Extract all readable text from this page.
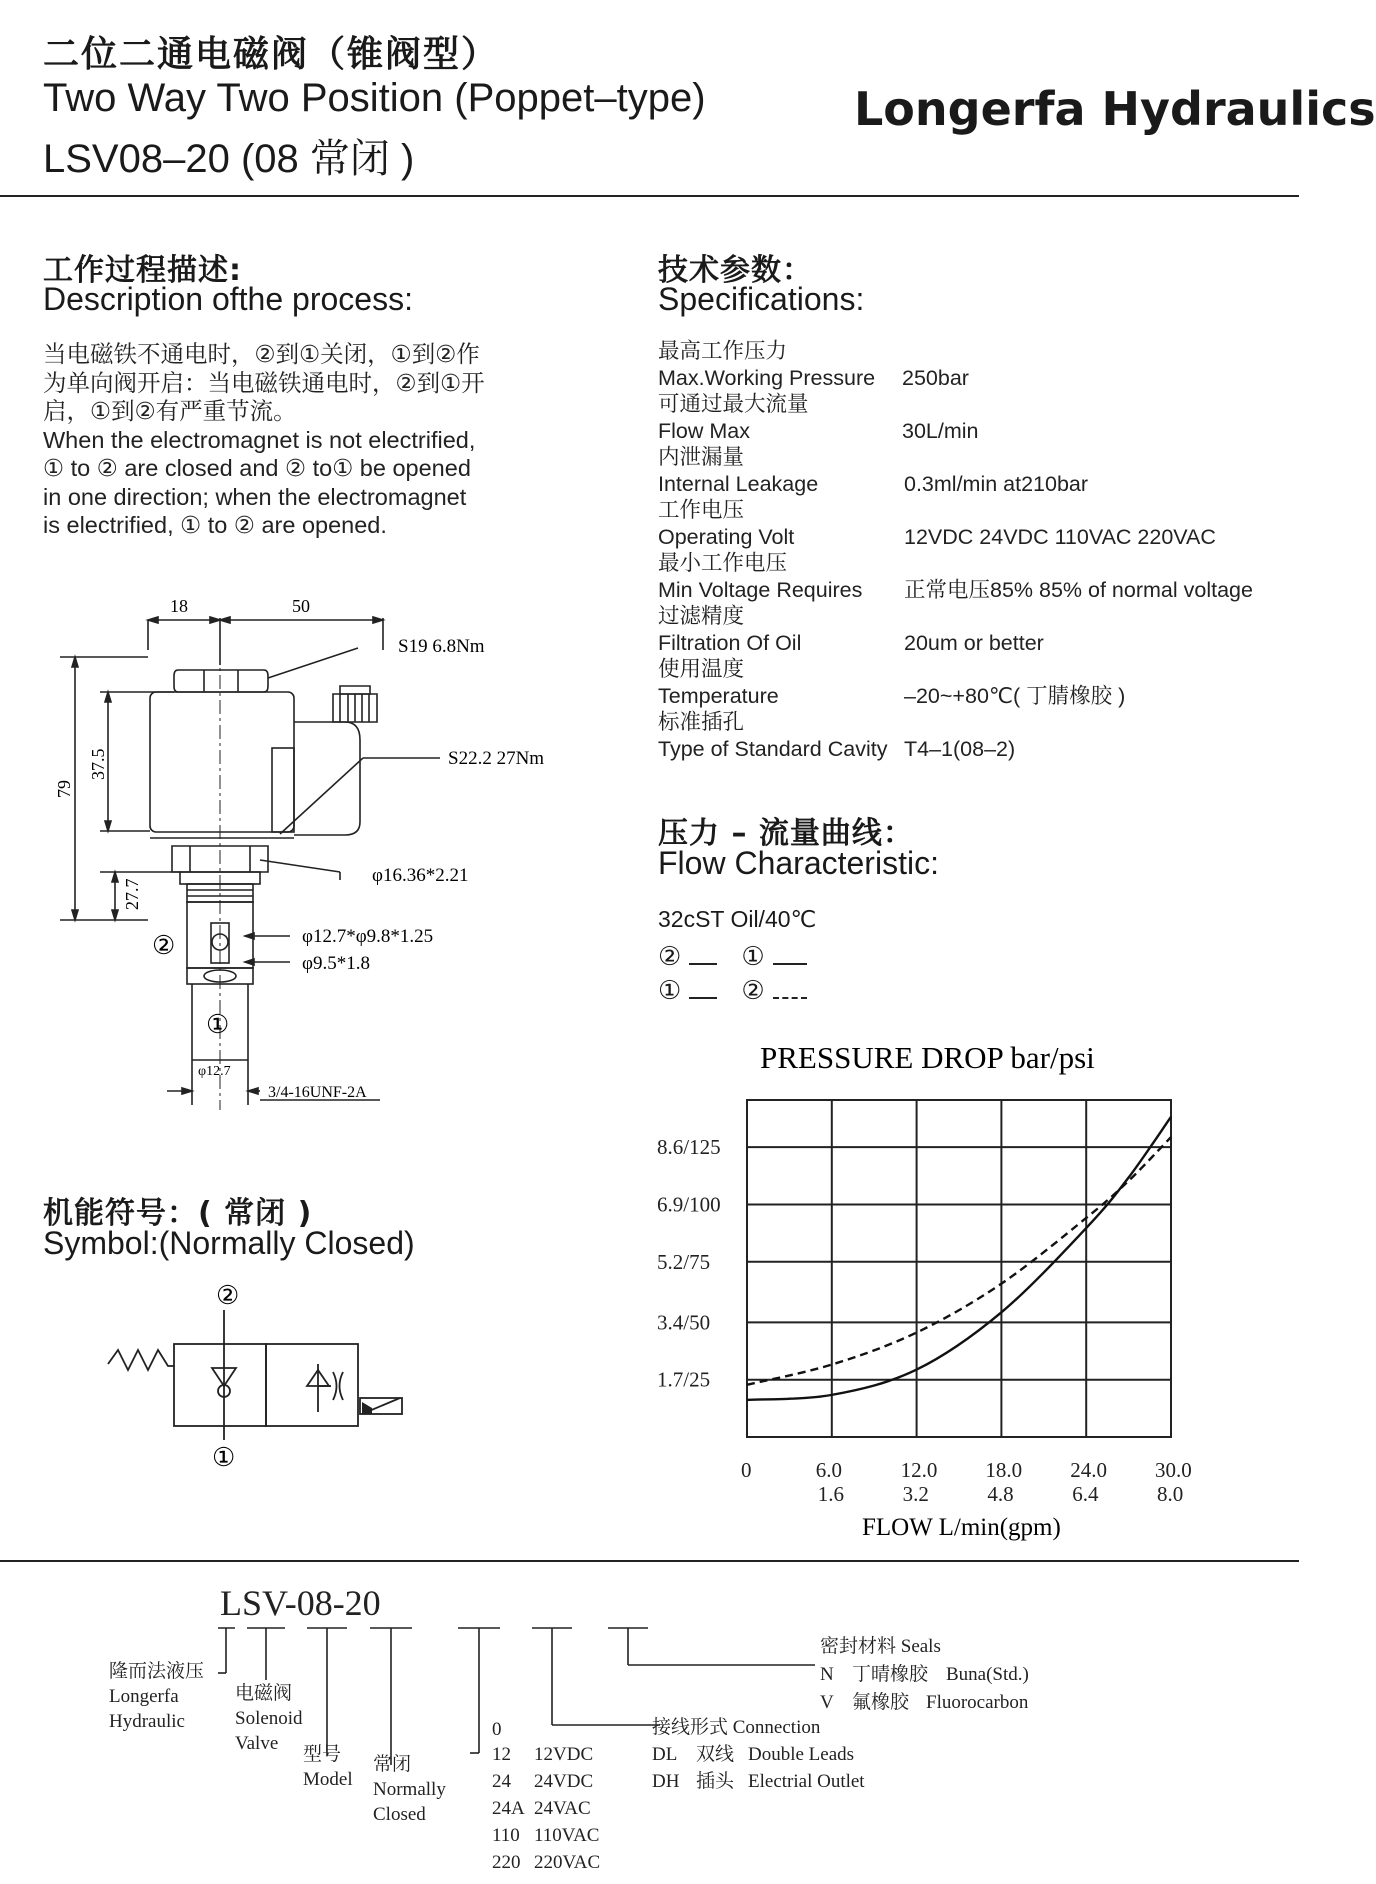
二位二通电磁阀（锥阀型）
Two Way Two Position (Poppet–type)
LSV08–20 (08 常闭 )
Longerfa Hydraulics
工作过程描述:
Description ofthe process:
当电磁铁不通电时，②到①关闭，①到②作
为单向阀开启：当电磁铁通电时，②到①开
启，①到②有严重节流。
When the electromagnet is not electrified,
① to ② are closed and ② to① be opened
in one direction; when the electromagnet
is electrified, ① to ② are opened.
18	50
S19 6.8Nm
S22.2 27Nm
φ16.36*2.21
φ12.7*φ9.8*1.25
φ9.5*1.8
φ12.7
3/4-16UNF-2A
79
37.5
27.7
②
①
机能符号：( 常闭 )
Symbol:(Normally Closed)
②
①
技术参数：
Specifications:
最高工作压力
Max.Working Pressure	250bar
可通过最大流量
Flow Max	30L/min
内泄漏量
Internal Leakage	0.3ml/min at210bar
工作电压
Operating Volt	12VDC 24VDC 110VAC 220VAC
最小工作电压
Min Voltage Requires	正常电压85% 85% of normal voltage
过滤精度
Filtration Of Oil	20um or better
使用温度
Temperature	–20~+80℃( 丁腈橡胶 )
标准插孔
Type of Standard Cavity T4–1(08–2)
压力 – 流量曲线：
Flow Characteristic:
32cST Oil/40℃
② ①
① ②
PRESSURE DROP bar/psi
1.7/25
3.4/50
5.2/75
6.9/100
8.6/125
0	6.0
1.6
12.0
3.2
18.0
4.8
24.0
6.4
30.0
8.0
FLOW L/min(gpm)
LSV-08-20
隆而法液压
Longerfa
Hydraulic
电磁阀
Solenoid
Valve
型号
Model
常闭
Normally
Closed
0
12 12VDC
24 24VDC
24A 24VAC
110 110VAC
220 220VAC
接线形式 Connection
DL 双线 Double Leads
DH 插头 Electrial Outlet
密封材料 Seals
N 丁晴橡胶 Buna(Std.)
V 氟橡胶 Fluorocarbon
